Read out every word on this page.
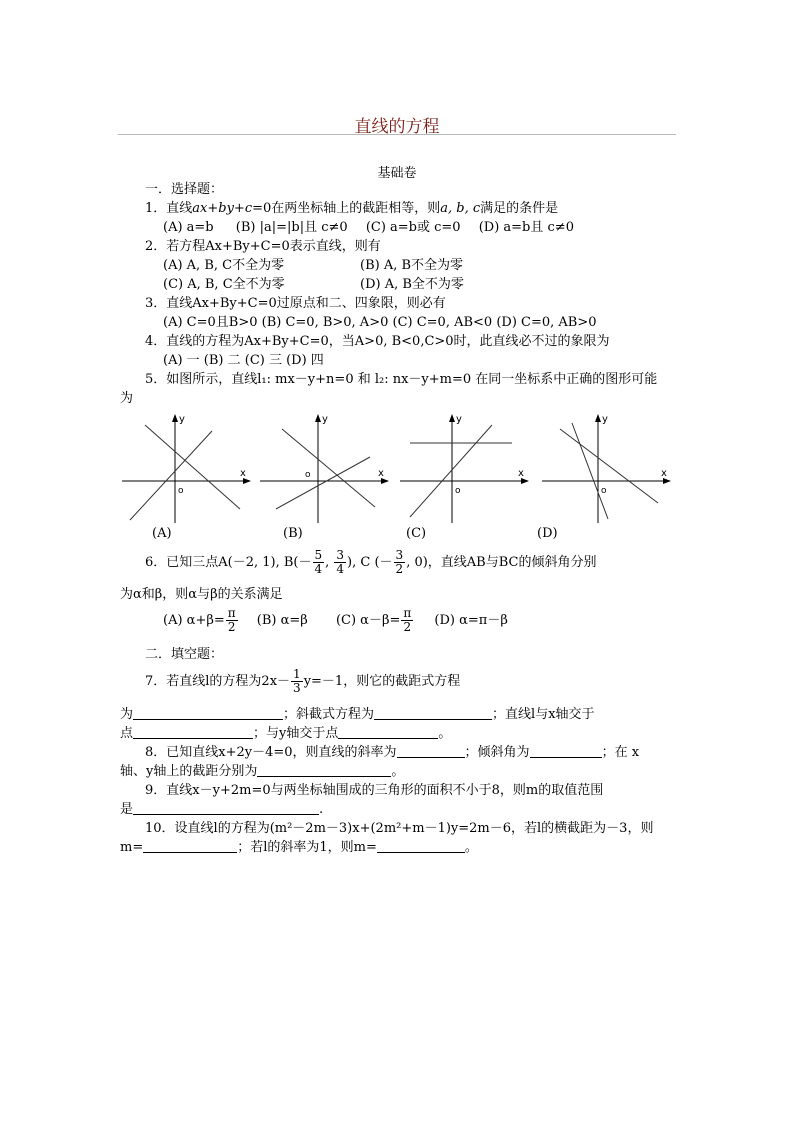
直线的方程
基础卷
一．选择题：
1．直线ax+by+c=0在两坐标轴上的截距相等，则a, b, c满足的条件是
(A) a=b (B) |a|=|b|且 c≠0 (C) a=b或 c=0 (D) a=b且 c≠0
2．若方程Ax+By+C=0表示直线，则有
(A) A, B, C不全为零	(B) A, B不全为零
(C) A, B, C全不为零	(D) A, B全不为零
3．直线Ax+By+C=0过原点和二、四象限，则必有
(A) C=0且B>0 (B) C=0, B>0, A>0 (C) C=0, AB<0 (D) C=0, AB>0
4．直线的方程为Ax+By+C=0，当A>0, B<0,C>0时，此直线必不过的象限为
(A) 一 (B) 二 (C) 三 (D) 四
5．如图所示，直线l₁: mx－y+n=0 和 l₂: nx－y+m=0 在同一坐标系中正确的图形可能
为
x
y
o
x
y
o	x
y
o
x
y
o
(A)	(B)	(C)	(D)
6．已知三点A(－2, 1), $B(- \frac{5}{4}$ , $\frac{3}{4}$ ), C (－ $\frac{3}{2}$ , 0)，直线AB与BC的倾斜角分别
为α和β，则α与β的关系满足
(A) $\alpha+\beta= \frac{\pi}{2} (B)$ α=β (C) $\alpha-\beta= \frac{\pi}{2} (D)$ α=π－β
二．填空题：
7．若直线l的方程为$2x- \frac{1}{3} y=-1$，则它的截距式方程
为	；斜截式方程为	；直线l与x轴交于
点	；与y轴交于点	。
8．已知直线x+2y－4=0，则直线的斜率为	；倾斜角为	；在 x
轴、y轴上的截距分别为	。
9．直线x－y+2m=0与两坐标轴围成的三角形的面积不小于8，则m的取值范围
是	.
10．设直线l的方程为(m²－2m－3)x+(2m²+m－1)y=2m－6，若l的横截距为－3，则
m=	；若l的斜率为1，则m=	。
